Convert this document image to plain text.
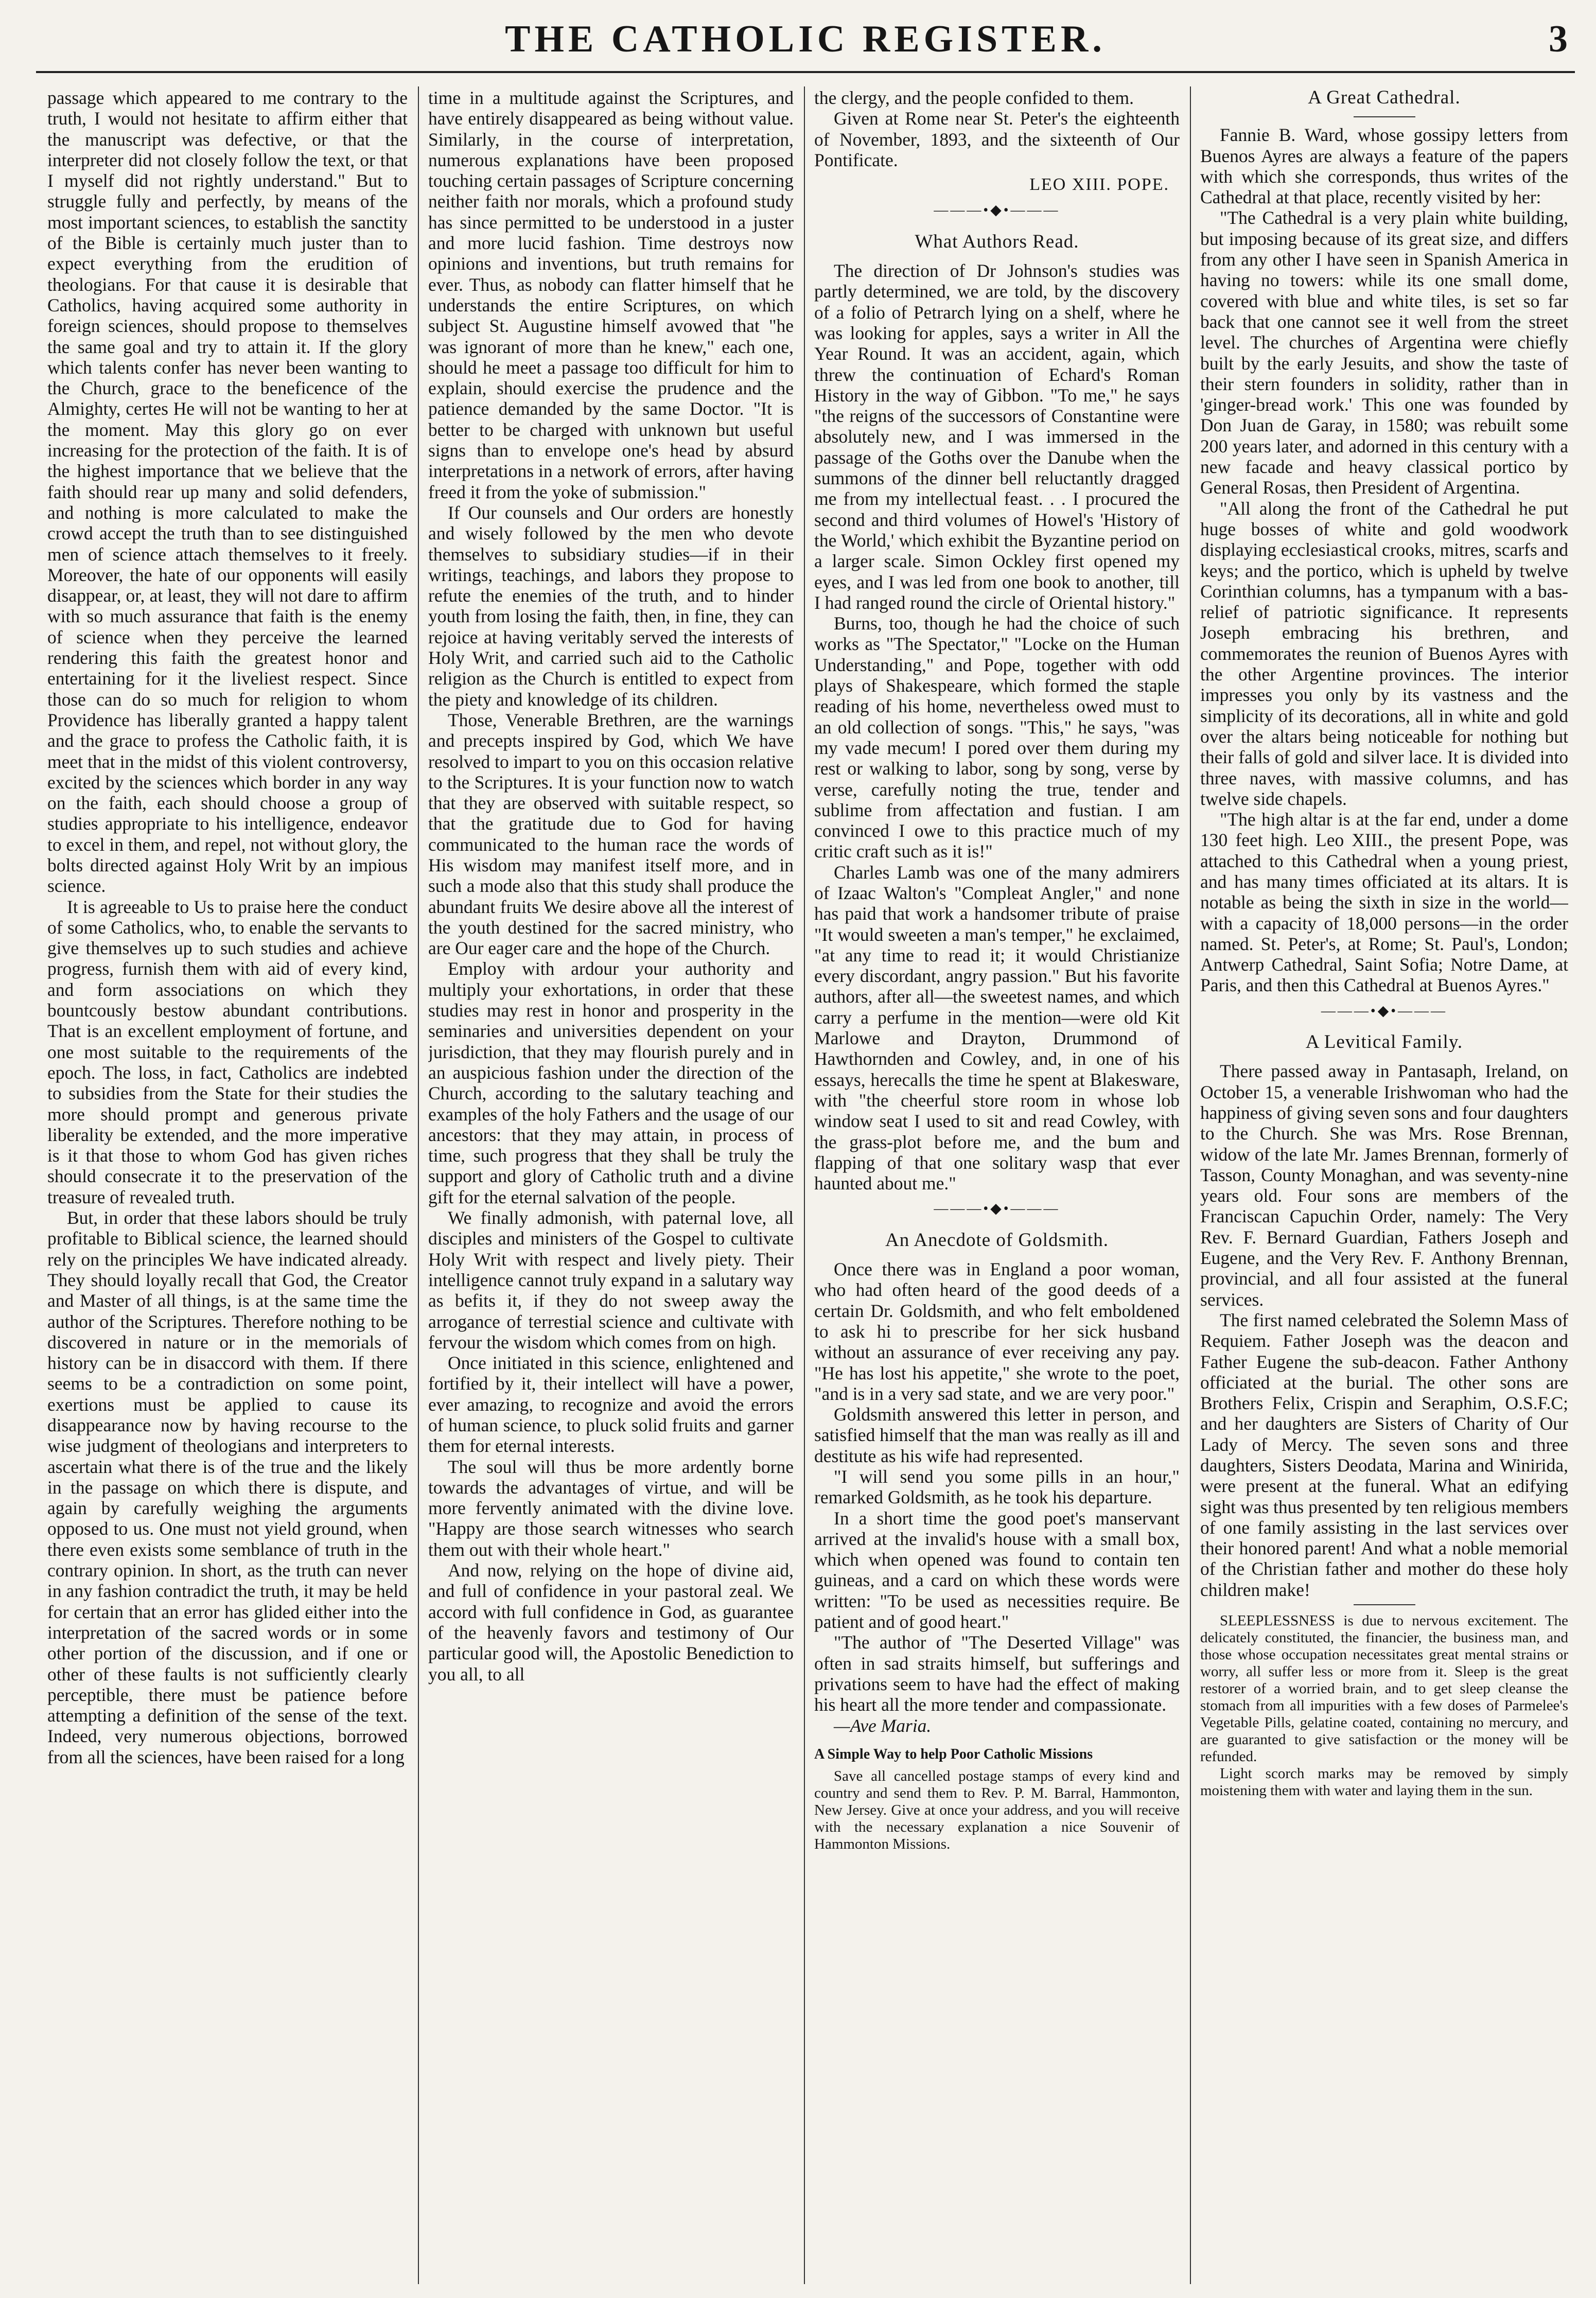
THE CATHOLIC REGISTER.	3

passage which appeared to me contrary to the truth, I would not hesitate to affirm either that the manuscript was defective, or that the interpreter did not closely follow the text, or that I myself did not rightly understand." But to struggle fully and perfectly, by means of the most important sciences, to establish the sanctity of the Bible is certainly much juster than to expect everything from the erudition of theologians. For that cause it is desirable that Catholics, having acquired some authority in foreign sciences, should propose to themselves the same goal and try to attain it. If the glory which talents confer has never been wanting to the Church, grace to the beneficence of the Almighty, certes He will not be wanting to her at the moment. May this glory go on ever increasing for the protection of the faith. It is of the highest importance that we believe that the faith should rear up many and solid defenders, and nothing is more calculated to make the crowd accept the truth than to see distinguished men of science attach themselves to it freely. Moreover, the hate of our opponents will easily disappear, or, at least, they will not dare to affirm with so much assurance that faith is the enemy of science when they perceive the learned rendering this faith the greatest honor and entertaining for it the liveliest respect. Since those can do so much for religion to whom Providence has liberally granted a happy talent and the grace to profess the Catholic faith, it is meet that in the midst of this violent controversy, excited by the sciences which border in any way on the faith, each should choose a group of studies appropriate to his intelligence, endeavor to excel in them, and repel, not without glory, the bolts directed against Holy Writ by an impious science.

It is agreeable to Us to praise here the conduct of some Catholics, who, to enable the servants to give themselves up to such studies and achieve progress, furnish them with aid of every kind, and form associations on which they bountcously bestow abundant contributions. That is an excellent employment of fortune, and one most suitable to the requirements of the epoch. The loss, in fact, Catholics are indebted to subsidies from the State for their studies the more should prompt and generous private liberality be extended, and the more imperative is it that those to whom God has given riches should consecrate it to the preservation of the treasure of revealed truth.

But, in order that these labors should be truly profitable to Biblical science, the learned should rely on the principles We have indicated already. They should loyally recall that God, the Creator and Master of all things, is at the same time the author of the Scriptures. Therefore nothing to be discovered in nature or in the memorials of history can be in disaccord with them. If there seems to be a contradiction on some point, exertions must be applied to cause its disappearance now by having recourse to the wise judgment of theologians and interpreters to ascertain what there is of the true and the likely in the passage on which there is dispute, and again by carefully weighing the arguments opposed to us. One must not yield ground, when there even exists some semblance of truth in the contrary opinion. In short, as the truth can never in any fashion contradict the truth, it may be held for certain that an error has glided either into the interpretation of the sacred words or in some other portion of the discussion, and if one or other of these faults is not sufficiently clearly perceptible, there must be patience before attempting a definition of the sense of the text. Indeed, very numerous objections, borrowed from all the sciences, have been raised for a long

time in a multitude against the Scriptures, and have entirely disappeared as being without value. Similarly, in the course of interpretation, numerous explanations have been proposed touching certain passages of Scripture concerning neither faith nor morals, which a profound study has since permitted to be understood in a juster and more lucid fashion. Time destroys now opinions and inventions, but truth remains for ever. Thus, as nobody can flatter himself that he understands the entire Scriptures, on which subject St. Augustine himself avowed that "he was ignorant of more than he knew," each one, should he meet a passage too difficult for him to explain, should exercise the prudence and the patience demanded by the same Doctor. "It is better to be charged with unknown but useful signs than to envelope one's head by absurd interpretations in a network of errors, after having freed it from the yoke of submission."

If Our counsels and Our orders are honestly and wisely followed by the men who devote themselves to subsidiary studies—if in their writings, teachings, and labors they propose to refute the enemies of the truth, and to hinder youth from losing the faith, then, in fine, they can rejoice at having veritably served the interests of Holy Writ, and carried such aid to the Catholic religion as the Church is entitled to expect from the piety and knowledge of its children.

Those, Venerable Brethren, are the warnings and precepts inspired by God, which We have resolved to impart to you on this occasion relative to the Scriptures. It is your function now to watch that they are observed with suitable respect, so that the gratitude due to God for having communicated to the human race the words of His wisdom may manifest itself more, and in such a mode also that this study shall produce the abundant fruits We desire above all the interest of the youth destined for the sacred ministry, who are Our eager care and the hope of the Church.

Employ with ardour your authority and multiply your exhortations, in order that these studies may rest in honor and prosperity in the seminaries and universities dependent on your jurisdiction, that they may flourish purely and in an auspicious fashion under the direction of the Church, according to the salutary teaching and examples of the holy Fathers and the usage of our ancestors: that they may attain, in process of time, such progress that they shall be truly the support and glory of Catholic truth and a divine gift for the eternal salvation of the people.

We finally admonish, with paternal love, all disciples and ministers of the Gospel to cultivate Holy Writ with respect and lively piety. Their intelligence cannot truly expand in a salutary way as befits it, if they do not sweep away the arrogance of terrestial science and cultivate with fervour the wisdom which comes from on high.

Once initiated in this science, enlightened and fortified by it, their intellect will have a power, ever amazing, to recognize and avoid the errors of human science, to pluck solid fruits and garner them for eternal interests.

The soul will thus be more ardently borne towards the advantages of virtue, and will be more fervently animated with the divine love. "Happy are those search witnesses who search them out with their whole heart."

And now, relying on the hope of divine aid, and full of confidence in your pastoral zeal. We accord with full confidence in God, as guarantee of the heavenly favors and testimony of Our particular good will, the Apostolic Benediction to you all, to all

the clergy, and the people confided to them.

Given at Rome near St. Peter's the eighteenth of November, 1893, and the sixteenth of Our Pontificate.

LEO XIII. POPE.
———•◆•———
What Authors Read.

The direction of Dr Johnson's studies was partly determined, we are told, by the discovery of a folio of Petrarch lying on a shelf, where he was looking for apples, says a writer in All the Year Round. It was an accident, again, which threw the continuation of Echard's Roman History in the way of Gibbon. "To me," he says "the reigns of the successors of Constantine were absolutely new, and I was immersed in the passage of the Goths over the Danube when the summons of the dinner bell reluctantly dragged me from my intellectual feast. . . I procured the second and third volumes of Howel's 'History of the World,' which exhibit the Byzantine period on a larger scale. Simon Ockley first opened my eyes, and I was led from one book to another, till I had ranged round the circle of Oriental history."

Burns, too, though he had the choice of such works as "The Spectator," "Locke on the Human Understanding," and Pope, together with odd plays of Shakespeare, which formed the staple reading of his home, nevertheless owed must to an old collection of songs. "This," he says, "was my vade mecum! I pored over them during my rest or walking to labor, song by song, verse by verse, carefully noting the true, tender and sublime from affectation and fustian. I am convinced I owe to this practice much of my critic craft such as it is!"

Charles Lamb was one of the many admirers of Izaac Walton's "Compleat Angler," and none has paid that work a handsomer tribute of praise "It would sweeten a man's temper," he exclaimed, "at any time to read it; it would Christianize every discordant, angry passion." But his favorite authors, after all—the sweetest names, and which carry a perfume in the mention—were old Kit Marlowe and Drayton, Drummond of Hawthornden and Cowley, and, in one of his essays, herecalls the time he spent at Blakesware, with "the cheerful store room in whose lob window seat I used to sit and read Cowley, with the grass-plot before me, and the bum and flapping of that one solitary wasp that ever haunted about me."

———•◆•———
An Anecdote of Goldsmith.

Once there was in England a poor woman, who had often heard of the good deeds of a certain Dr. Goldsmith, and who felt emboldened to ask hi to prescribe for her sick husband without an assurance of ever receiving any pay. "He has lost his appetite," she wrote to the poet, "and is in a very sad state, and we are very poor."

Goldsmith answered this letter in person, and satisfied himself that the man was really as ill and destitute as his wife had represented.

"I will send you some pills in an hour," remarked Goldsmith, as he took his departure.

In a short time the good poet's manservant arrived at the invalid's house with a small box, which when opened was found to contain ten guineas, and a card on which these words were written: "To be used as necessities require. Be patient and of good heart."

"The author of "The Deserted Village" was often in sad straits himself, but sufferings and privations seem to have had the effect of making his heart all the more tender and compassionate.

—Ave Maria.

A Simple Way to help Poor Catholic Missions

Save all cancelled postage stamps of every kind and country and send them to Rev. P. M. Barral, Hammonton, New Jersey. Give at once your address, and you will receive with the necessary explanation a nice Souvenir of Hammonton Missions.

A Great Cathedral.

Fannie B. Ward, whose gossipy letters from Buenos Ayres are always a feature of the papers with which she corresponds, thus writes of the Cathedral at that place, recently visited by her:

"The Cathedral is a very plain white building, but imposing because of its great size, and differs from any other I have seen in Spanish America in having no towers: while its one small dome, covered with blue and white tiles, is set so far back that one cannot see it well from the street level. The churches of Argentina were chiefly built by the early Jesuits, and show the taste of their stern founders in solidity, rather than in 'ginger-bread work.' This one was founded by Don Juan de Garay, in 1580; was rebuilt some 200 years later, and adorned in this century with a new facade and heavy classical portico by General Rosas, then President of Argentina.

"All along the front of the Cathedral he put huge bosses of white and gold woodwork displaying ecclesiastical crooks, mitres, scarfs and keys; and the portico, which is upheld by twelve Corinthian columns, has a tympanum with a bas-relief of patriotic significance. It represents Joseph embracing his brethren, and commemorates the reunion of Buenos Ayres with the other Argentine provinces. The interior impresses you only by its vastness and the simplicity of its decorations, all in white and gold over the altars being noticeable for nothing but their falls of gold and silver lace. It is divided into three naves, with massive columns, and has twelve side chapels.

"The high altar is at the far end, under a dome 130 feet high. Leo XIII., the present Pope, was attached to this Cathedral when a young priest, and has many times officiated at its altars. It is notable as being the sixth in size in the world—with a capacity of 18,000 persons—in the order named. St. Peter's, at Rome; St. Paul's, London; Antwerp Cathedral, Saint Sofia; Notre Dame, at Paris, and then this Cathedral at Buenos Ayres."

———•◆•———
A Levitical Family.

There passed away in Pantasaph, Ireland, on October 15, a venerable Irishwoman who had the happiness of giving seven sons and four daughters to the Church. She was Mrs. Rose Brennan, widow of the late Mr. James Brennan, formerly of Tasson, County Monaghan, and was seventy-nine years old. Four sons are members of the Franciscan Capuchin Order, namely: The Very Rev. F. Bernard Guardian, Fathers Joseph and Eugene, and the Very Rev. F. Anthony Brennan, provincial, and all four assisted at the funeral services.

The first named celebrated the Solemn Mass of Requiem. Father Joseph was the deacon and Father Eugene the sub-deacon. Father Anthony officiated at the burial. The other sons are Brothers Felix, Crispin and Seraphim, O.S.F.C; and her daughters are Sisters of Charity of Our Lady of Mercy. The seven sons and three daughters, Sisters Deodata, Marina and Winirida, were present at the funeral. What an edifying sight was thus presented by ten religious members of one family assisting in the last services over their honored parent! And what a noble memorial of the Christian father and mother do these holy children make!

SLEEPLESSNESS is due to nervous excitement. The delicately constituted, the financier, the business man, and those whose occupation necessitates great mental strains or worry, all suffer less or more from it. Sleep is the great restorer of a worried brain, and to get sleep cleanse the stomach from all impurities with a few doses of Parmelee's Vegetable Pills, gelatine coated, containing no mercury, and are guaranted to give satisfaction or the money will be refunded.

Light scorch marks may be removed by simply moistening them with water and laying them in the sun.
